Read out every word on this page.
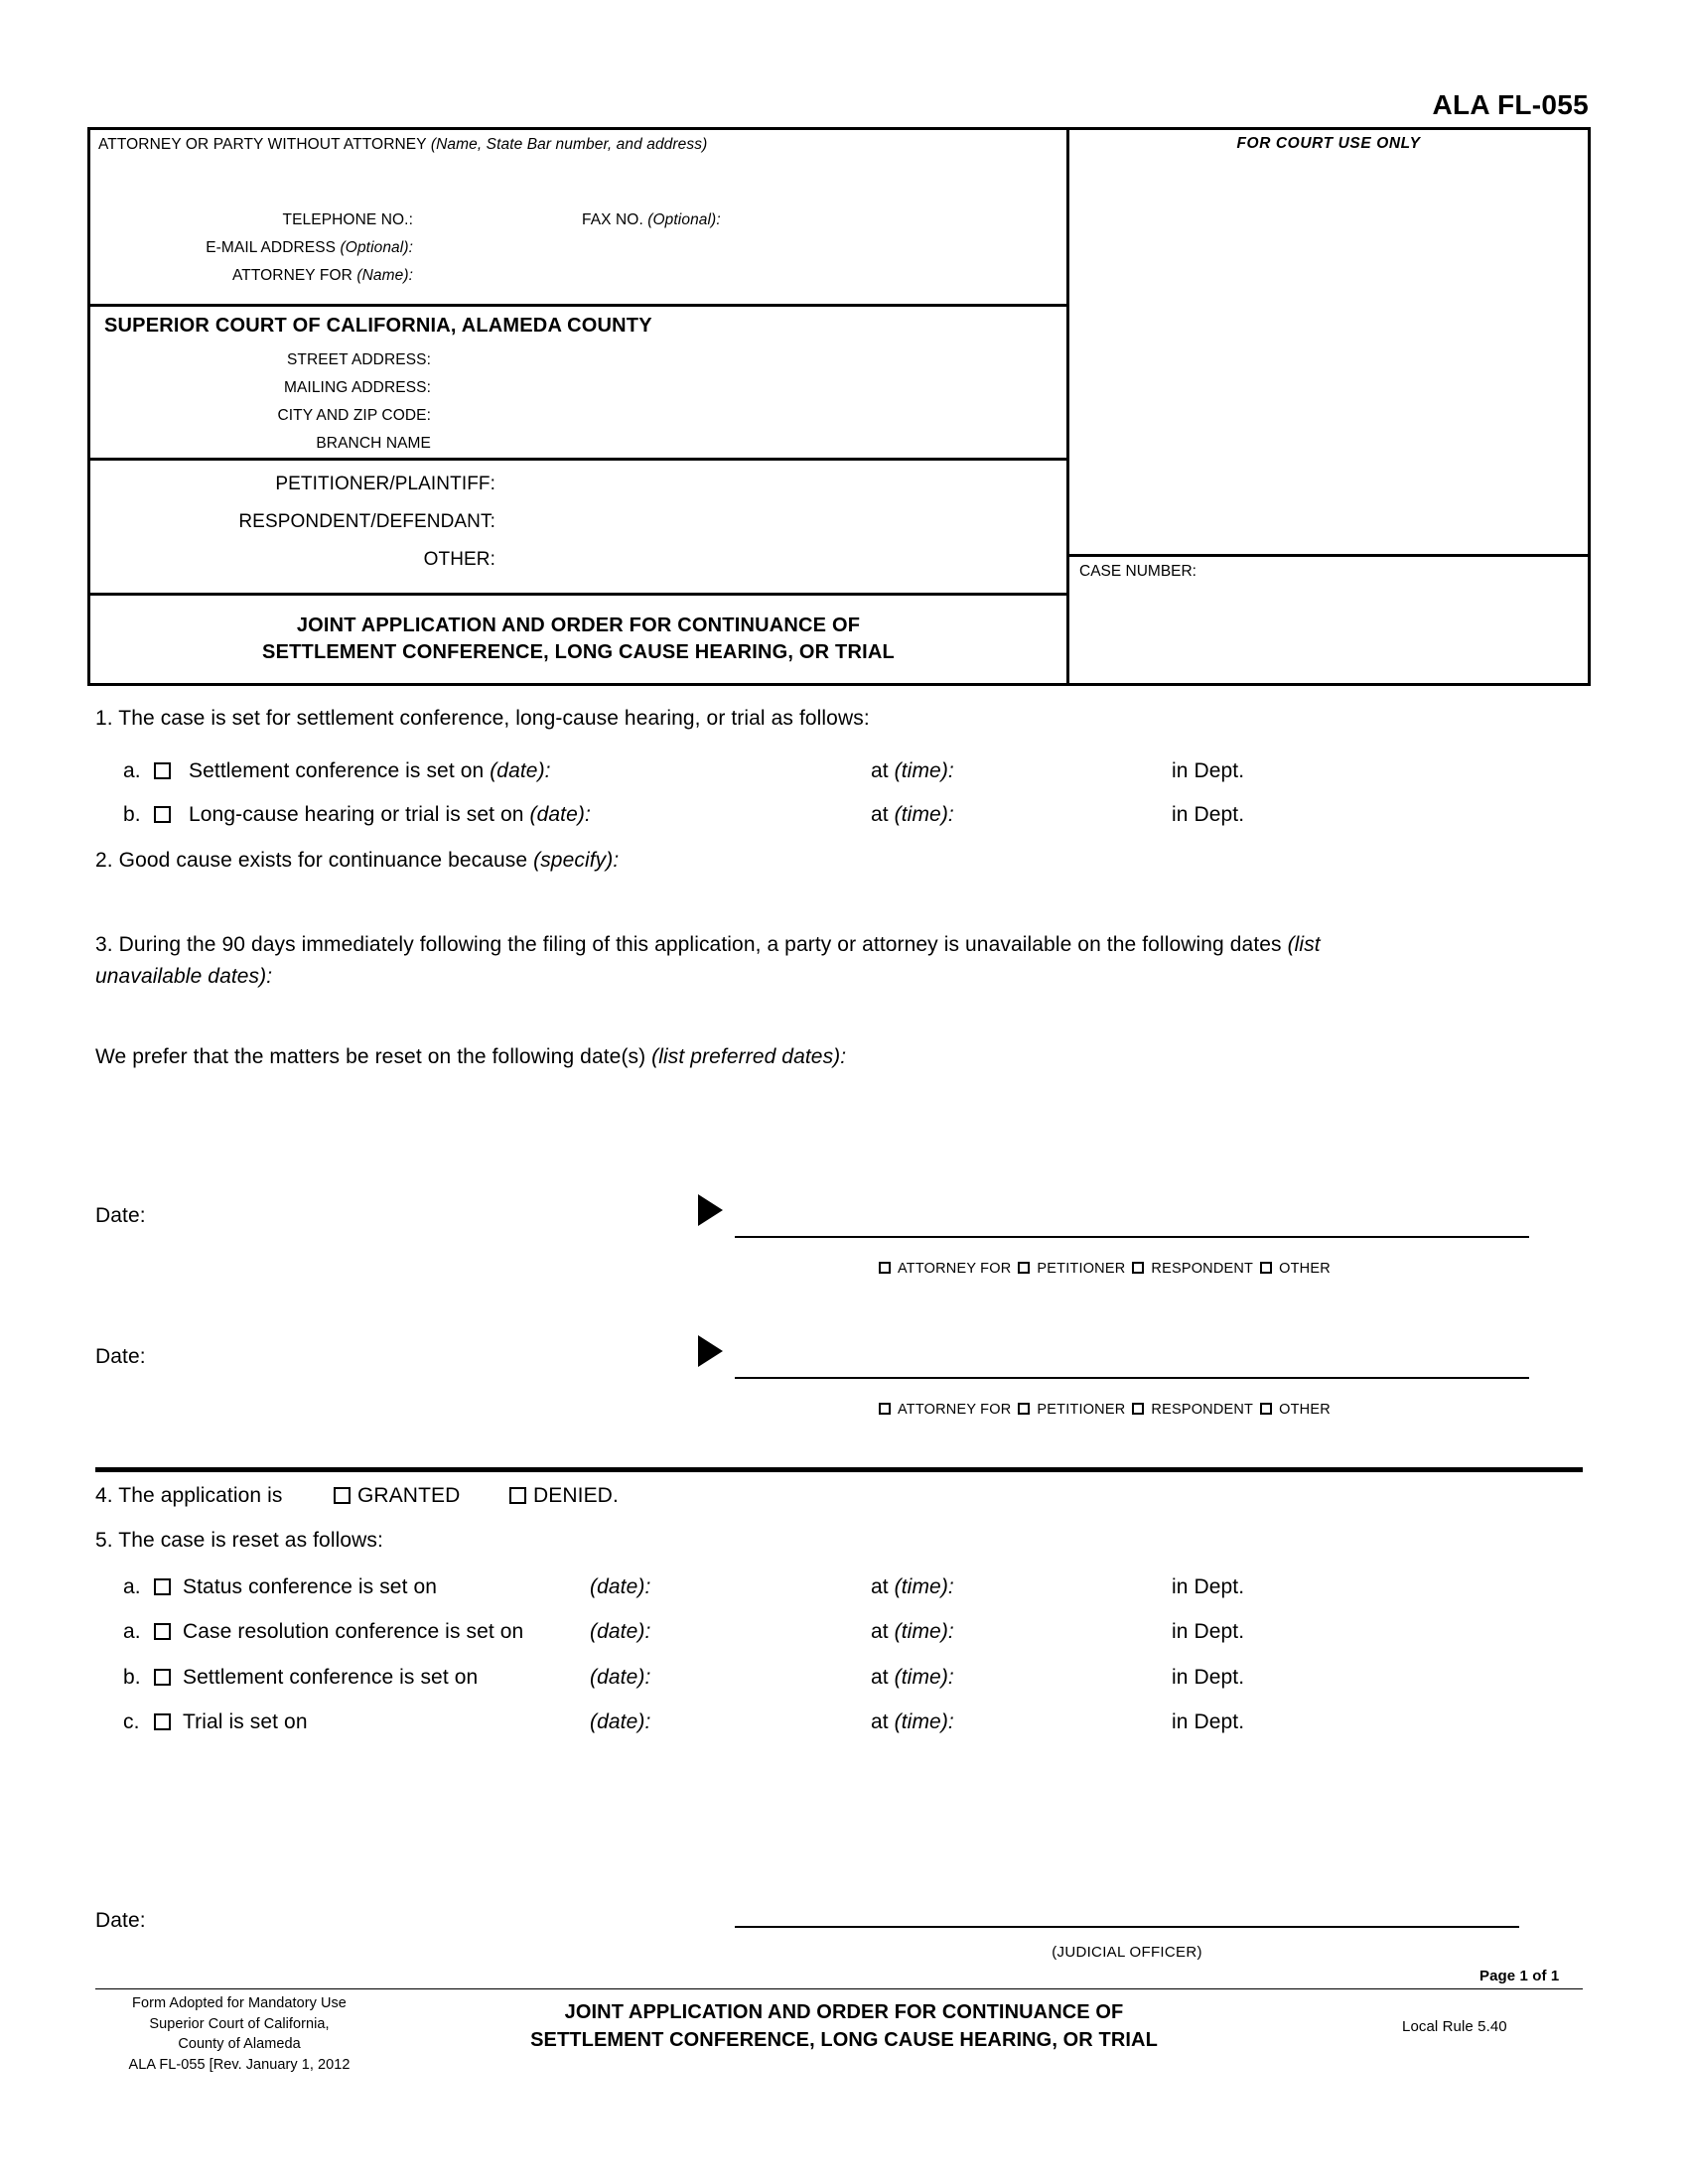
ALA FL-055
ATTORNEY OR PARTY WITHOUT ATTORNEY (Name, State Bar number, and address)
TELEPHONE NO.:	FAX NO. (Optional):
E-MAIL ADDRESS (Optional):
ATTORNEY FOR (Name):
SUPERIOR COURT OF CALIFORNIA, ALAMEDA COUNTY
STREET ADDRESS:
MAILING ADDRESS:
CITY AND ZIP CODE:
BRANCH NAME
PETITIONER/PLAINTIFF:
RESPONDENT/DEFENDANT:
OTHER:
JOINT APPLICATION AND ORDER FOR CONTINUANCE OF
SETTLEMENT CONFERENCE, LONG CAUSE HEARING, OR TRIAL
FOR COURT USE ONLY
CASE NUMBER:
1. The case is set for settlement conference, long-cause hearing, or trial as follows:
a. Settlement conference is set on (date):	at (time):	in Dept.
b. Long-cause hearing or trial is set on (date):	at (time):	in Dept.
2. Good cause exists for continuance because (specify):
3. During the 90 days immediately following the filing of this application, a party or attorney is unavailable on the following dates (list
unavailable dates):
We prefer that the matters be reset on the following date(s) (list preferred dates):
Date:
ATTORNEY FOR PETITIONER RESPONDENT OTHER
Date:
ATTORNEY FOR PETITIONER RESPONDENT OTHER
4. The application is	GRANTED	DENIED.
5. The case is reset as follows:
a. Status conference is set on	(date):	at (time):	in Dept.
a. Case resolution conference is set on	(date):	at (time):	in Dept.
b. Settlement conference is set on	(date):	at (time):	in Dept.
c. Trial is set on	(date):	at (time):	in Dept.
Date:
(JUDICIAL OFFICER)
Page 1 of 1
Form Adopted for Mandatory Use
Superior Court of California,
County of Alameda
ALA FL-055 [Rev. January 1, 2012
JOINT APPLICATION AND ORDER FOR CONTINUANCE OF
SETTLEMENT CONFERENCE, LONG CAUSE HEARING, OR TRIAL
Local Rule 5.40
